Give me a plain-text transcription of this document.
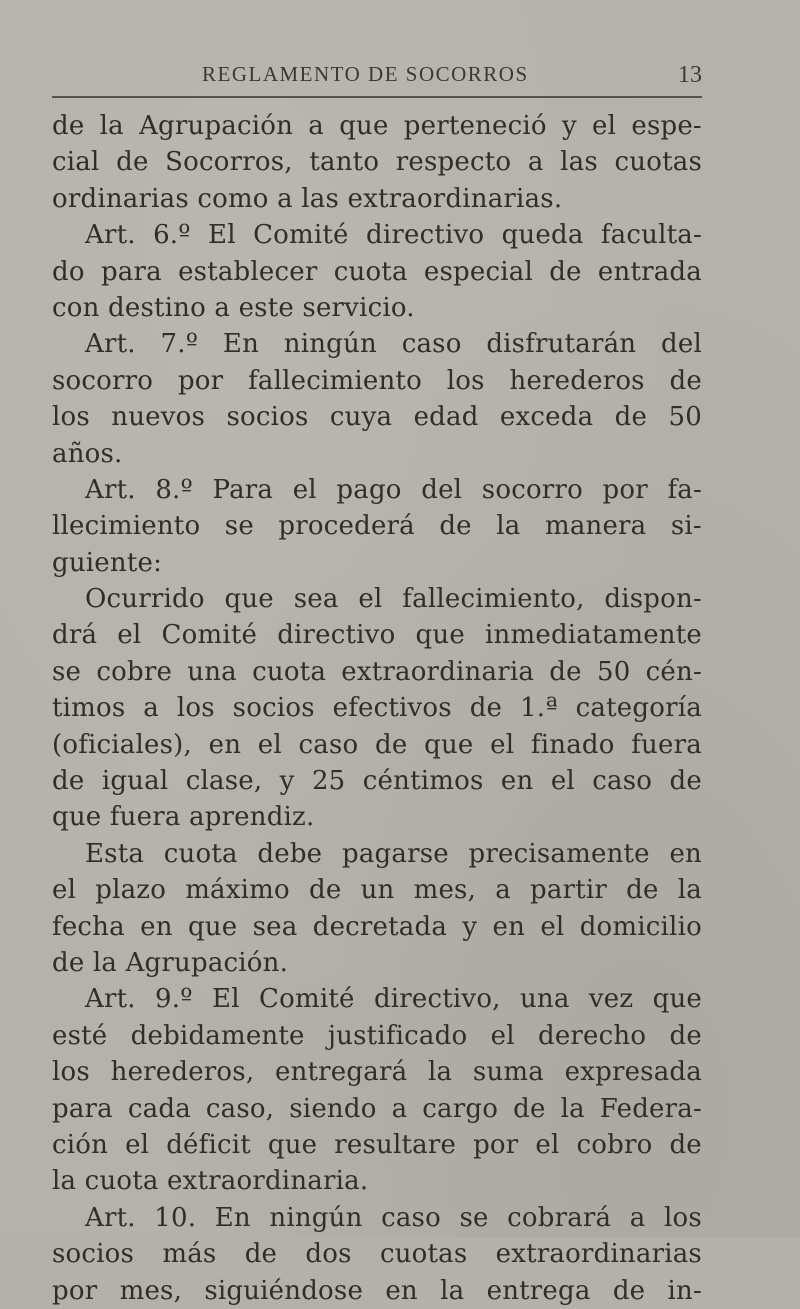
REGLAMENTO DE SOCORROS	13
de la Agrupación a que perteneció y el espe-
cial de Socorros, tanto respecto a las cuotas
ordinarias como a las extraordinarias.
Art. 6.º El Comité directivo queda faculta-
do para establecer cuota especial de entrada
con destino a este servicio.
Art. 7.º En ningún caso disfrutarán del
socorro por fallecimiento los herederos de
los nuevos socios cuya edad exceda de 50
años.
Art. 8.º Para el pago del socorro por fa-
llecimiento se procederá de la manera si-
guiente:
Ocurrido que sea el fallecimiento, dispon-
drá el Comité directivo que inmediatamente
se cobre una cuota extraordinaria de 50 cén-
timos a los socios efectivos de 1.ª categoría
(oficiales), en el caso de que el finado fuera
de igual clase, y 25 céntimos en el caso de
que fuera aprendiz.
Esta cuota debe pagarse precisamente en
el plazo máximo de un mes, a partir de la
fecha en que sea decretada y en el domicilio
de la Agrupación.
Art. 9.º El Comité directivo, una vez que
esté debidamente justificado el derecho de
los herederos, entregará la suma expresada
para cada caso, siendo a cargo de la Federa-
ción el déficit que resultare por el cobro de
la cuota extraordinaria.
Art. 10. En ningún caso se cobrará a los
socios más de dos cuotas extraordinarias
por mes, siguiéndose en la entrega de in-
